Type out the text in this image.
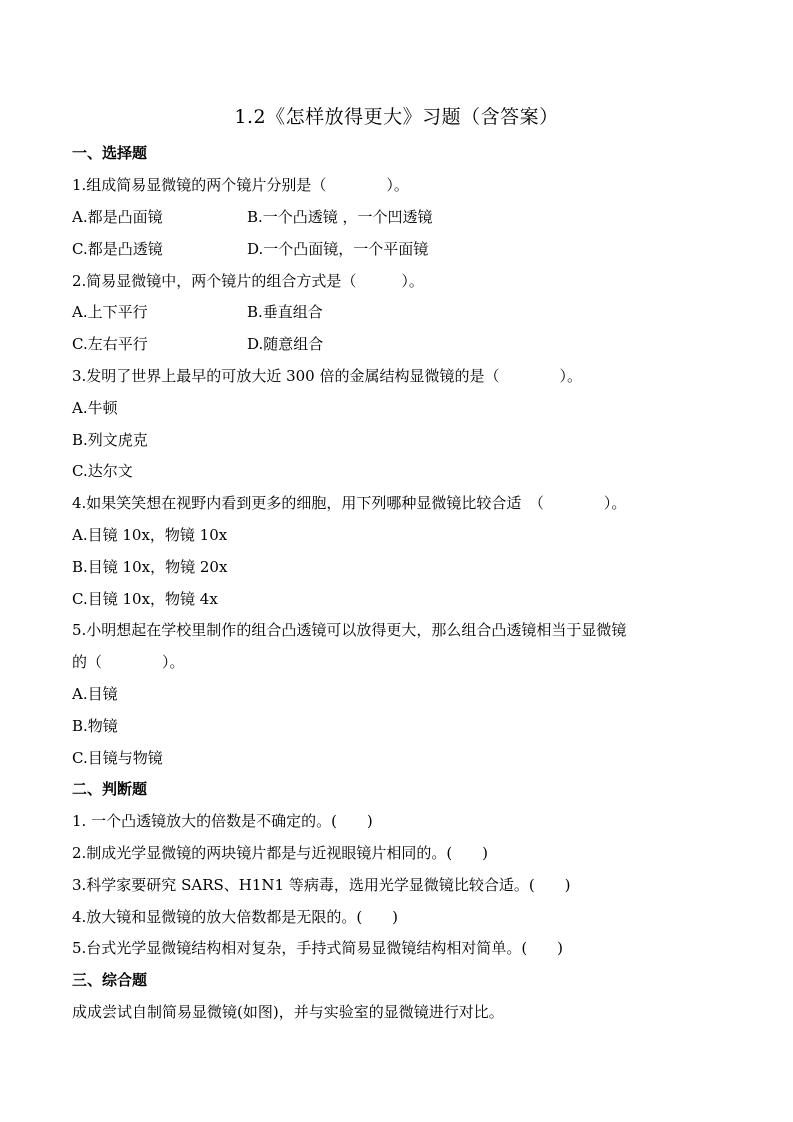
1.2《怎样放得更大》习题（含答案）
一、选择题
1.组成简易显微镜的两个镜片分别是（　　　　）。
A.都是凸面镜	B.一个凸透镜 ，一个凹透镜
C.都是凸透镜	D.一个凸面镜，一个平面镜
2.简易显微镜中，两个镜片的组合方式是（　　　）。
A.上下平行	B.垂直组合
C.左右平行	D.随意组合
3.发明了世界上最早的可放大近 300 倍的金属结构显微镜的是（　　　　）。
A.牛顿
B.列文虎克
C.达尔文
4.如果笑笑想在视野内看到更多的细胞，用下列哪种显微镜比较合适　（　　　　）。
A.目镜 10x，物镜 10x
B.目镜 10x，物镜 20x
C.目镜 10x，物镜 4x
5.小明想起在学校里制作的组合凸透镜可以放得更大，那么组合凸透镜相当于显微镜
的（　　　　）。
A.目镜
B.物镜
C.目镜与物镜
二、判断题
1. 一个凸透镜放大的倍数是不确定的。(　　)
2.制成光学显微镜的两块镜片都是与近视眼镜片相同的。(　　)
3.科学家要研究 SARS、H1N1 等病毒，选用光学显微镜比较合适。(　　)
4.放大镜和显微镜的放大倍数都是无限的。(　　)
5.台式光学显微镜结构相对复杂，手持式简易显微镜结构相对简单。(　　)
三、综合题
成成尝试自制简易显微镜(如图)，并与实验室的显微镜进行对比。
